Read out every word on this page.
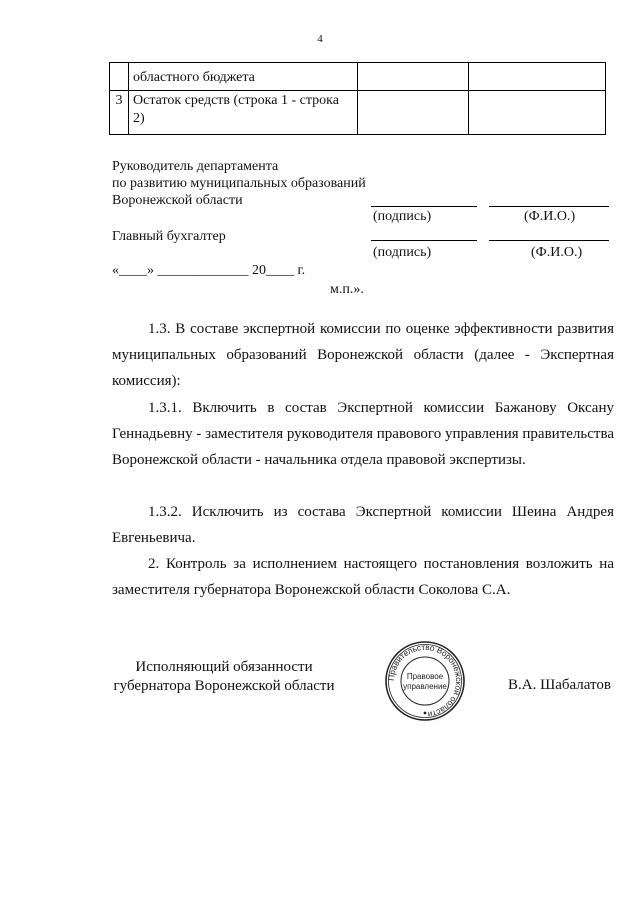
4
	областного бюджета		
3	Остаток средств (строка 1 - строка 2)		
Руководитель департамента
по развитию муниципальных образований
Воронежской области
(подпись)	(Ф.И.О.)
Главный бухгалтер
(подпись)	(Ф.И.О.)
«____» _____________ 20____ г.
м.п.».
1.3. В составе экспертной комиссии по оценке эффективности развития муниципальных образований Воронежской области (далее - Экспертная комиссия):
1.3.1. Включить в состав Экспертной комиссии Бажанову Оксану Геннадьевну - заместителя руководителя правового управления правительства Воронежской области - начальника отдела правовой экспертизы.
1.3.2. Исключить из состава Экспертной комиссии Шеина Андрея Евгеньевича.
2. Контроль за исполнением настоящего постановления возложить на заместителя губернатора Воронежской области Соколова С.А.
Исполняющий обязанности
губернатора Воронежской области	В.А. Шабалатов
Правительство Воронежской области
Правовое
управление
